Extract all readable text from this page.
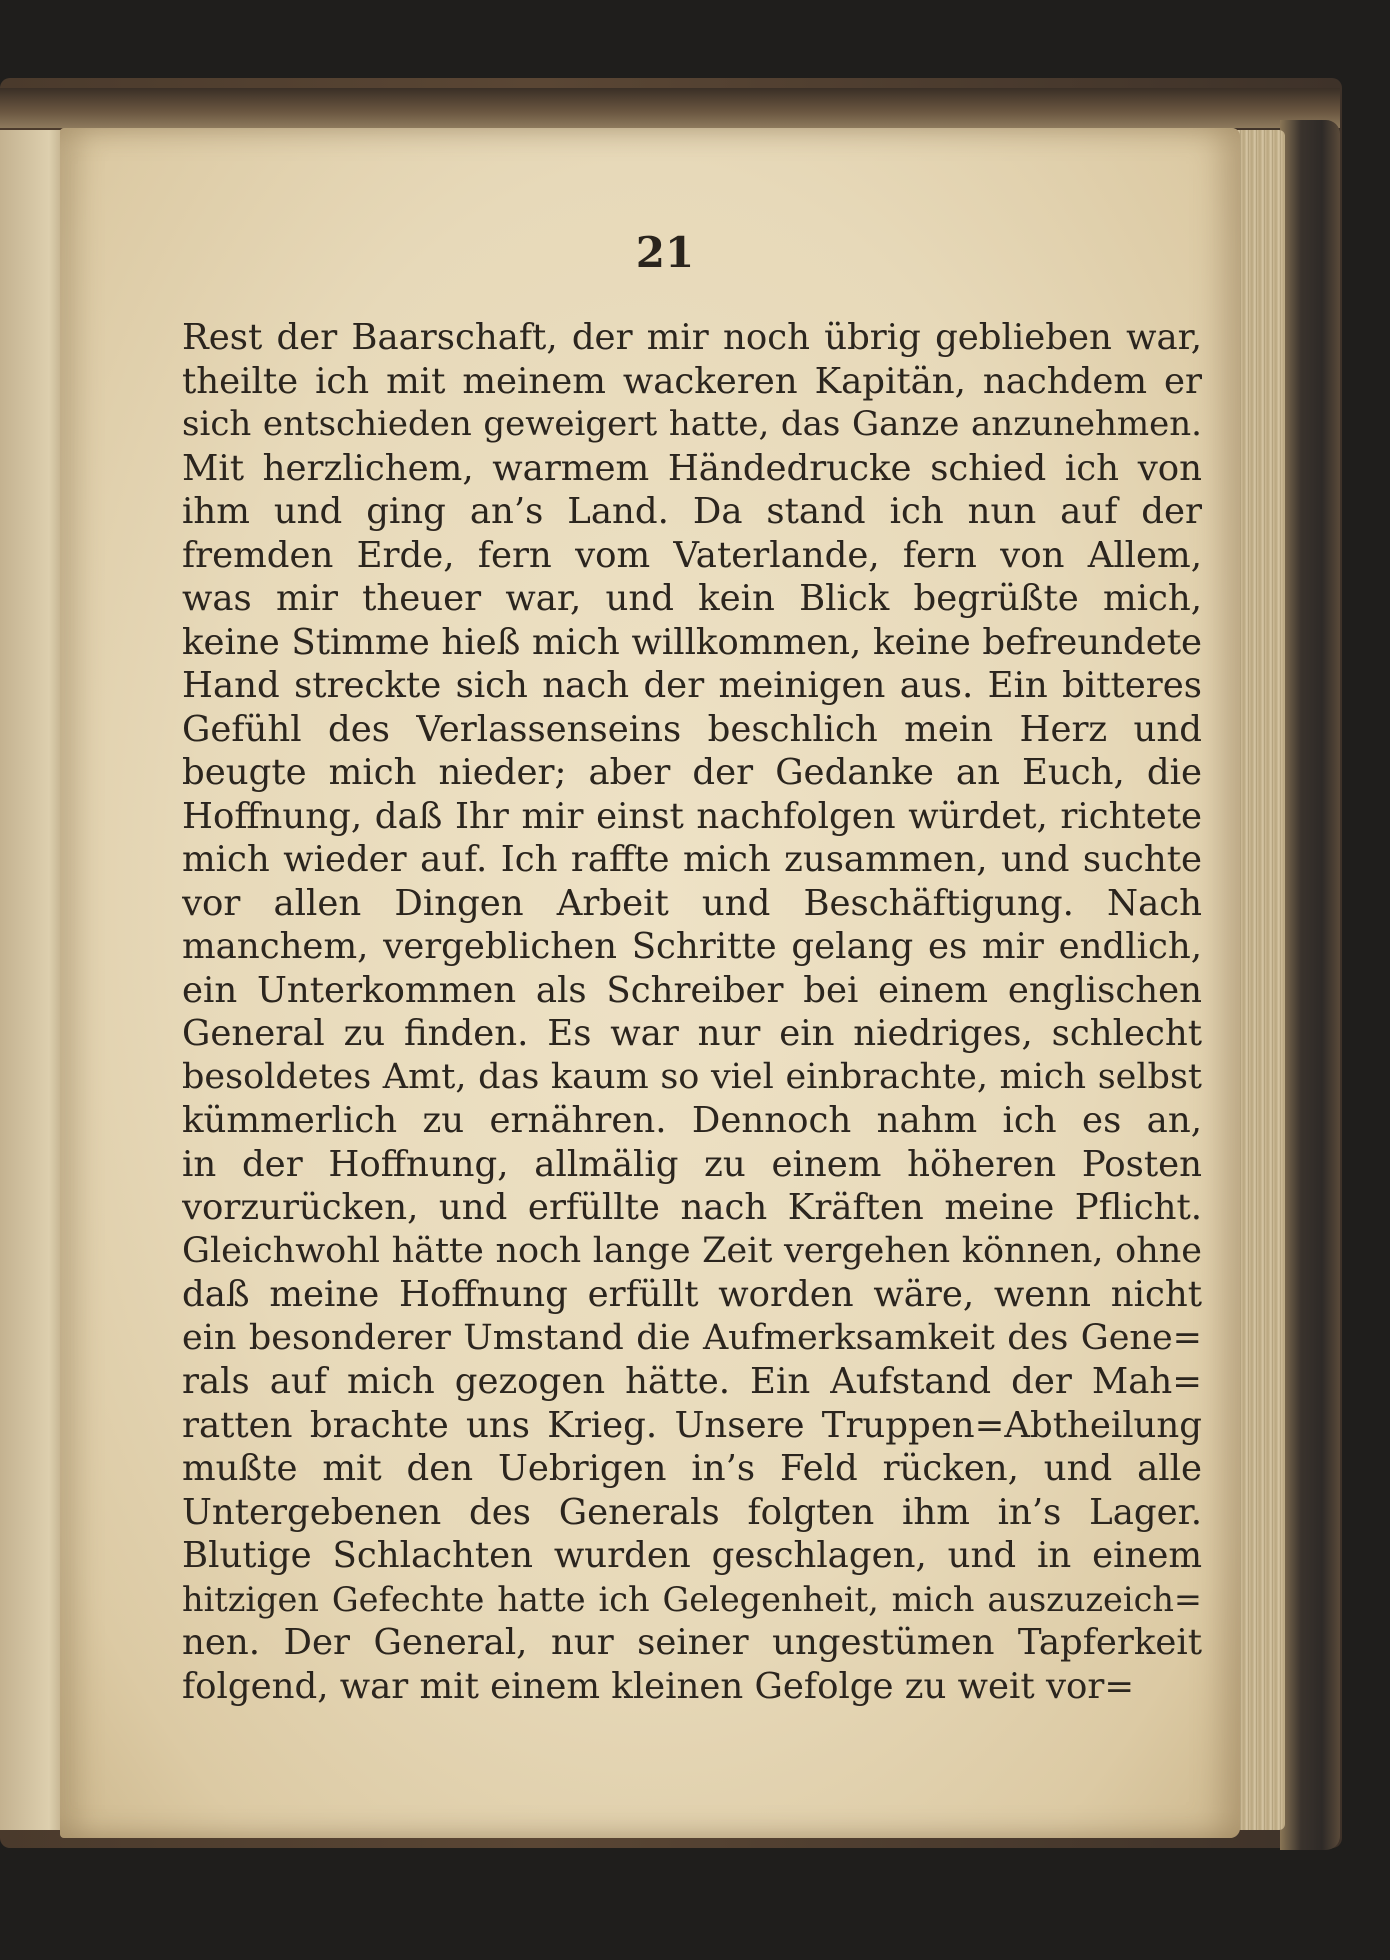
21
Rest der Baarschaft, der mir noch übrig geblieben war,
theilte ich mit meinem wackeren Kapitän, nachdem er
sich entschieden geweigert hatte, das Ganze anzunehmen.
Mit herzlichem, warmem Händedrucke schied ich von
ihm und ging an’s Land. Da stand ich nun auf der
fremden Erde, fern vom Vaterlande, fern von Allem,
was mir theuer war, und kein Blick begrüßte mich,
keine Stimme hieß mich willkommen, keine befreundete
Hand streckte sich nach der meinigen aus. Ein bitteres
Gefühl des Verlassenseins beschlich mein Herz und
beugte mich nieder; aber der Gedanke an Euch, die
Hoffnung, daß Ihr mir einst nachfolgen würdet, richtete
mich wieder auf. Ich raffte mich zusammen, und suchte
vor allen Dingen Arbeit und Beschäftigung. Nach
manchem, vergeblichen Schritte gelang es mir endlich,
ein Unterkommen als Schreiber bei einem englischen
General zu finden. Es war nur ein niedriges, schlecht
besoldetes Amt, das kaum so viel einbrachte, mich selbst
kümmerlich zu ernähren. Dennoch nahm ich es an,
in der Hoffnung, allmälig zu einem höheren Posten
vorzurücken, und erfüllte nach Kräften meine Pflicht.
Gleichwohl hätte noch lange Zeit vergehen können, ohne
daß meine Hoffnung erfüllt worden wäre, wenn nicht
ein besonderer Umstand die Aufmerksamkeit des Gene=
rals auf mich gezogen hätte. Ein Aufstand der Mah=
ratten brachte uns Krieg. Unsere Truppen=Abtheilung
mußte mit den Uebrigen in’s Feld rücken, und alle
Untergebenen des Generals folgten ihm in’s Lager.
Blutige Schlachten wurden geschlagen, und in einem
hitzigen Gefechte hatte ich Gelegenheit, mich auszuzeich=
nen. Der General, nur seiner ungestümen Tapferkeit
folgend, war mit einem kleinen Gefolge zu weit vor=
